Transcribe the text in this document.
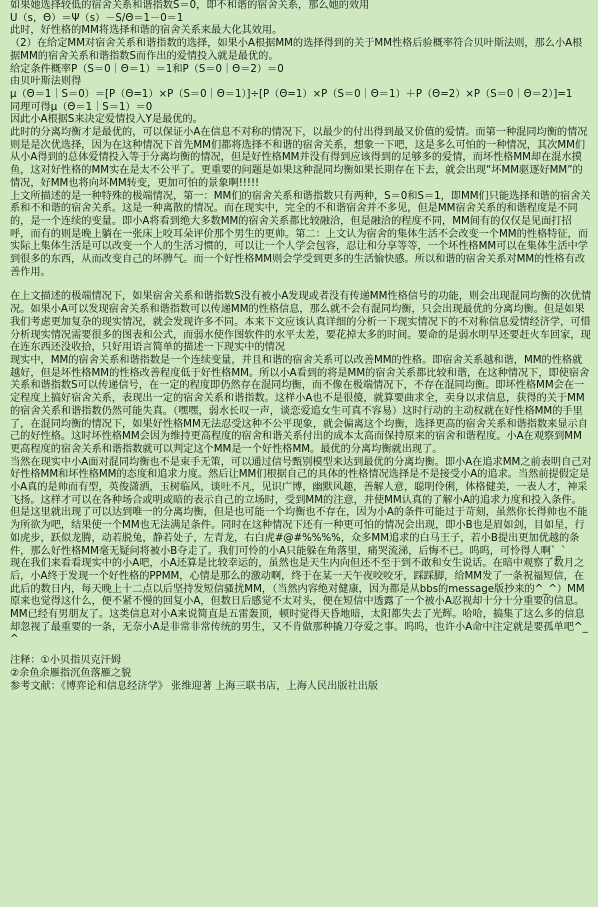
如果她选择较低的宿舍关系和谐指数S＝0，即不和谐的宿舍关系，那么她的效用

U（s，Θ）＝Ψ（s）－S/Θ＝1－0＝1

此时，好性格的MM将选择和谐的宿舍关系来最大化其效用。

（2）在给定MM对宿舍关系和谐指数的选择，如果小A根据MM的选择得到的关于MM性格后验概率符合贝叶斯法则，那么小A根据MM的宿舍关系和谐指数S而作出的爱情投入就是最优的。

给定条件概率P（S＝0｜Θ＝1）＝1和P（S＝0｜Θ＝2）＝0

由贝叶斯法则得

μ（Θ＝1｜S＝0）＝[P（Θ=1）×P（S＝0｜Θ＝1）]÷[P（Θ=1）×P（S＝0｜Θ＝1）＋P（Θ=2）×P（S＝0｜Θ＝2）]=1

同理可得μ（Θ＝1｜S＝1）＝0

因此小A根据S来决定爱情投入Y是最优的。

此时的分离均衡才是最优的，可以保证小A在信息不对称的情况下，以最少的付出得到最又价值的爱情。而第一种混同均衡的情况则是是次优选择，因为在这种情况下首先MM们都将选择不和谐的宿舍关系，想象一下吧，这是多么可怕的一种情况，其次MM们从小A得到的总体爱情投入等于分离均衡的情况，但是好性格MM并没有得到应该得到的足够多的爱情，而坏性格MM却在混水摸鱼，这对好性格的MM实在是太不公平了。更重要的问题是如果这种混同均衡如果长期存在下去，就会出现“坏MM驱逐好MM”的情况，好MM也将向坏MM转变，更加可怕的景象啊!!!!!

上文所描述的是一种特殊的极端情况，第一：MM们的宿舍关系和谐指数只有两种，S＝0和S＝1，即MM们只能选择和谐的宿舍关系和不和谐的宿舍关系。这是一种离散的情况。而在现实中，完全的不和谐宿舍并不多见，但是MM宿舍关系的和谐程度是不同的，是一个连续的变量。即小A将看到绝大多数MM的宿舍关系都比较融洽，但是融洽的程度不同，MM间有的仅仅是见面打招呼，而有的则是晚上躺在一张床上咬耳朵评价那个男生的更帅。第二：上文认为宿舍的集体生活不会改变一个MM的性格特征，而实际上集体生活是可以改变一个人的生活习惯的，可以让一个人学会包容，忍让和分享等等，一个坏性格MM可以在集体生活中学到很多的东西，从而改变自己的坏脾气。而一个好性格MM则会学受到更多的生活愉快感。所以和谐的宿舍关系对MM的性格有改善作用。

在上文描述的极端情况下，如果宿舍关系和谐指数S没有被小A发现或者没有传递MM性格信号的功能，则会出现混同均衡的次优情况。如果小A可以发现宿舍关系和谐指数可以传递MM的性格信息，那么就不会有混同均衡，只会出现最优的分离均衡。但是如果我们考虑更加复杂的现实情况，就会发现许多不同。本来下文应该认真详细的分析一下现实情况下的不对称信息爱情经济学，可惜分析现实情况需要很多的图表和公式，而弱水使作图软件的水平太差，要花掉太多的时间。要命的是弱水明早还要赶火车回家，现在连东西还没收拾，只好用语言简单的描述一下现实中的情况

现实中，MM的宿舍关系和谐指数是一个连续变量，并且和谐的宿舍关系可以改善MM的性格。即宿舍关系越和谐，MM的性格就越好，但是坏性格MM的性格改善程度低于好性格MM。所以小A看到的将是MM的宿舍关系都比较和谐，在这种情况下，即使宿舍关系和谐指数S可以传递信号，在一定的程度即仍然存在混同均衡，而不像在极端情况下，不存在混同均衡。即坏性格MM会在一定程度上搞好宿舍关系，表现出一定的宿舍关系和谐指数。这样小A也不是很傻，就算要曲求全，卖身以求信息，获得的关于MM的宿舍关系和谐指数仍然可能失真。（嘿嘿，弱水长叹一声，谈恋爱追女生可真不容易）这时行动的主动权就在好性格MM的手里了，在混同均衡的情况下，如果好性格MM无法忍受这种不公平现象，就会偏离这个均衡，选择更高的宿舍关系和谐指数来显示自己的好性格。这时坏性格MM会因为维持更高程度的宿舍和谐关系付出的成本太高而保持原来的宿舍和谐程度。小A在观察到MM更高程度的宿舍关系和谐指数就可以判定这个MM是一个好性格MM。最优的分离均衡就出现了。

当然在现实中小A面对混同均衡也不是束手无策，可以通过信号甄别模型来达到最优的分离均衡。即小A在追求MM之前表明自己对好性格MM和坏性格MM的态度和追求力度。然后让MM们根据自己的具体的性格情况选择是不是接受小A的追求。当然前提假定是小A真的是帅而有型，英俊潇洒，玉树临风，谈吐不凡，见识广博，幽默风趣，善解人意，聪明伶俐，体格健美，一表人才，神采飞扬。这样才可以在各种场合或明或暗的表示自己的立场时，受到MM的注意，并使MM认真的了解小A的追求力度和投入条件。但是这里就出现了可以达到唯一的分离均衡，但是也可能一个均衡也不存在，因为小A的条件可能过于苛刻，虽然你长得帅也不能为所欲为吧，结果使一个MM也无法满足条件。同时在这种情况下还有一种更可怕的情况会出现，即小B也是眉如剑，目如星，行如虎步，跃似龙腾，动若脱兔，静若处子，左青龙，右白虎#@#%%%%，众多MM追求的白马王子，若小B提出更加优越的条件，那么好性格MM毫无疑问将被小B夺走了。我们可怜的小A只能躲在角落里，痛哭流涕，后悔不已。呜呜，可怜得人啊`_`

现在我们来看看现实中的小A吧，小A还算是比较幸运的，虽然也是天生内向但还不至于到不敢和女生说话。在暗中观察了数月之后，小A终于发现一个好性格的PPMM，心情是那么的激动啊，终于在某一天午夜咬咬牙，踩踩脚，给MM发了一条祝福短信，在此后的数日内，每天晚上十二点以后坚持发短信骚扰MM，（当然内容绝对健康，因为都是从bbs的message版抄来的^_^）MM原来也觉得这什么，便不紧不慢的回复小A，但数日后感觉不太对头，便在短信中透露了一个被小A忍视却十分十分重要的信息。MM已经有男朋友了。这类信息对小A来说简直是五雷轰顶，顿时觉得天昏地暗，太阳都失去了光辉。哈哈，搞集了这么多的信息却忽视了最重要的一条，无奈小A是非常非常传统的男生，又不肯做那种撬刀夺爱之事。呜呜，也许小A命中注定就是要孤单吧^_^

注释：①小贝指贝克汗姆

②余鱼余雁指沉鱼落雁之貌

参考文献：《博弈论和信息经济学》 张维迎著 上海三联书店，上海人民出版社出版
